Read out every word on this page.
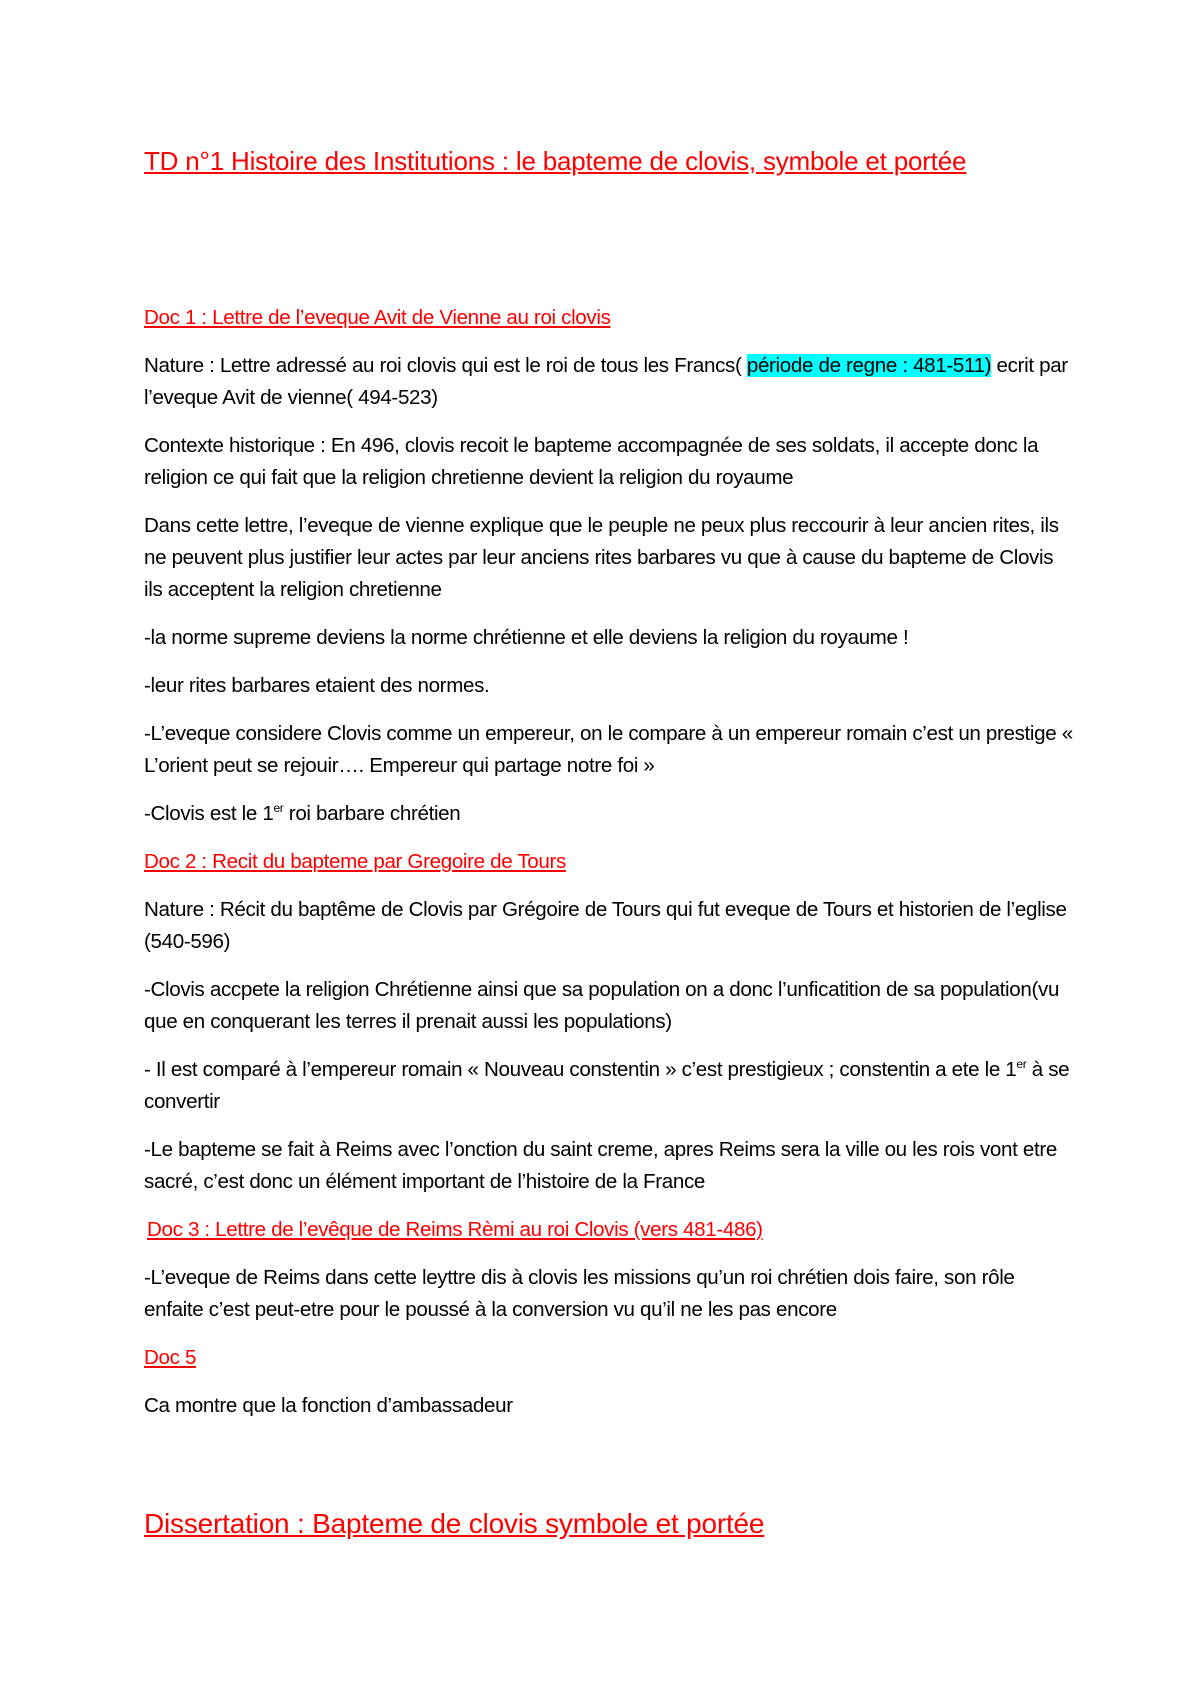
TD n°1 Histoire des Institutions : le bapteme de clovis, symbole et portée
Doc 1 : Lettre de l’eveque Avit de Vienne au roi clovis

Nature : Lettre adressé au roi clovis qui est le roi de tous les Francs( période de regne : 481-511) ecrit par l’eveque Avit de vienne( 494-523)

Contexte historique : En 496, clovis recoit le bapteme accompagnée de ses soldats, il accepte donc la religion ce qui fait que la religion chretienne devient la religion du royaume

Dans cette lettre, l’eveque de vienne explique que le peuple ne peux plus reccourir à leur ancien rites, ils ne peuvent plus justifier leur actes par leur anciens rites barbares vu que à cause du bapteme de Clovis ils acceptent la religion chretienne

-la norme supreme deviens la norme chrétienne et elle deviens la religion du royaume !

-leur rites barbares etaient des normes.

-L’eveque considere Clovis comme un empereur, on le compare à un empereur romain c’est un prestige « L’orient peut se rejouir…. Empereur qui partage notre foi »

-Clovis est le 1er roi barbare chrétien

Doc 2 : Recit du bapteme par Gregoire de Tours

Nature : Récit du baptême de Clovis par Grégoire de Tours qui fut eveque de Tours et historien de l’eglise (540-596)

-Clovis accpete la religion Chrétienne ainsi que sa population on a donc l’unficatition de sa population(vu que en conquerant les terres il prenait aussi les populations)

- Il est comparé à l’empereur romain « Nouveau constentin » c’est prestigieux ; constentin a ete le 1er à se convertir

-Le bapteme se fait à Reims avec l’onction du saint creme, apres Reims sera la ville ou les rois vont etre sacré, c’est donc un élément important de l’histoire de la France

Doc 3 : Lettre de l’evêque de Reims Rèmi au roi Clovis (vers 481-486)

-L’eveque de Reims dans cette leyttre dis à clovis les missions qu’un roi chrétien dois faire, son rôle enfaite c’est peut-etre pour le poussé à la conversion vu qu’il ne les pas encore

Doc 5

Ca montre que la fonction d’ambassadeur

Dissertation : Bapteme de clovis symbole et portée
